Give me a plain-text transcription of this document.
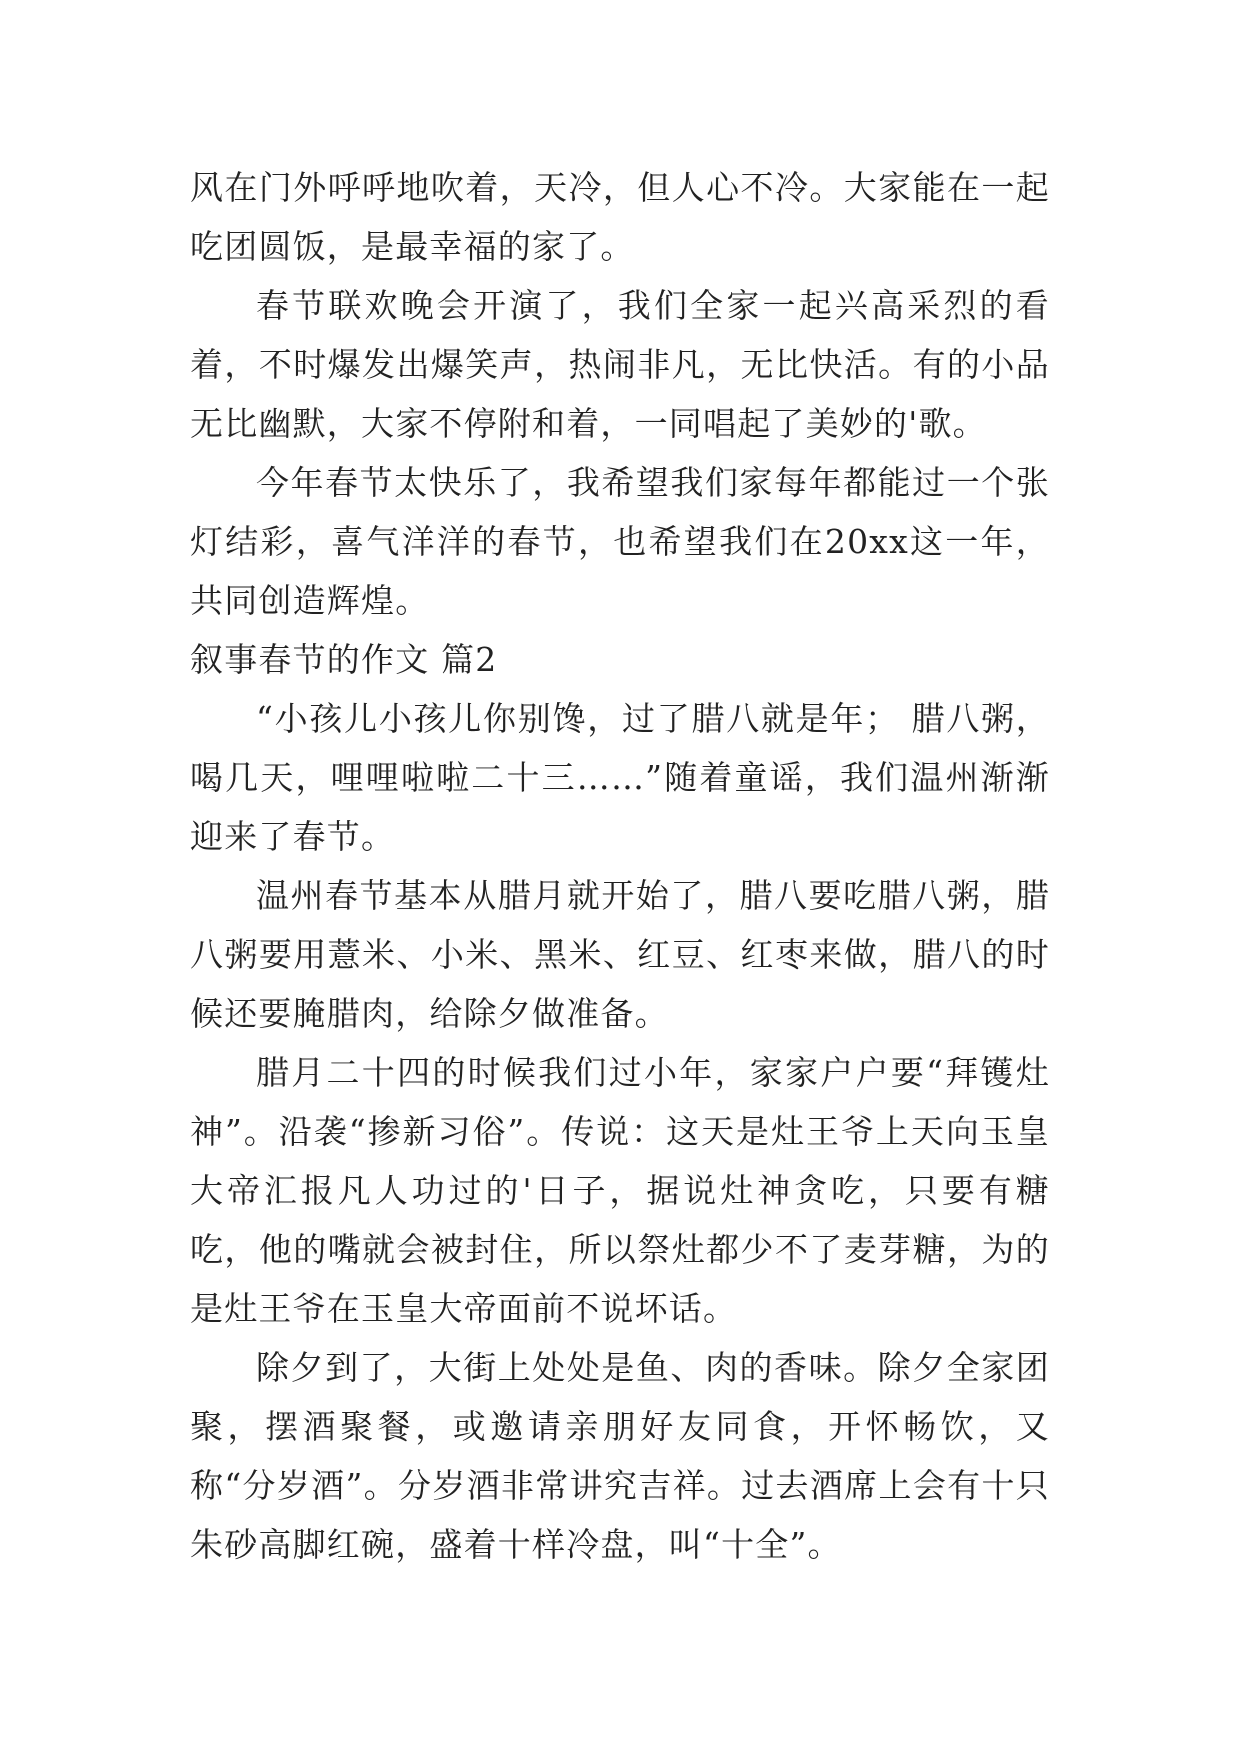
风在门外呼呼地吹着，天冷，但人心不冷。大家能在一起吃团圆饭，是最幸福的家了。

春节联欢晚会开演了，我们全家一起兴高采烈的看着，不时爆发出爆笑声，热闹非凡，无比快活。有的小品无比幽默，大家不停附和着，一同唱起了美妙的'歌。

今年春节太快乐了，我希望我们家每年都能过一个张灯结彩，喜气洋洋的春节，也希望我们在20xx这一年，共同创造辉煌。

叙事春节的作文 篇2

“小孩儿小孩儿你别馋，过了腊八就是年； 腊八粥，喝几天，哩哩啦啦二十三……”随着童谣，我们温州渐渐迎来了春节。

温州春节基本从腊月就开始了，腊八要吃腊八粥，腊八粥要用薏米、小米、黑米、红豆、红枣来做，腊八的时候还要腌腊肉，给除夕做准备。

腊月二十四的时候我们过小年，家家户户要“拜镬灶神”。沿袭“掺新习俗”。传说：这天是灶王爷上天向玉皇大帝汇报凡人功过的'日子，据说灶神贪吃，只要有糖吃，他的嘴就会被封住，所以祭灶都少不了麦芽糖，为的是灶王爷在玉皇大帝面前不说坏话。

除夕到了，大街上处处是鱼、肉的香味。除夕全家团聚，摆酒聚餐，或邀请亲朋好友同食，开怀畅饮，又称“分岁酒”。分岁酒非常讲究吉祥。过去酒席上会有十只朱砂高脚红碗，盛着十样冷盘，叫“十全”。
